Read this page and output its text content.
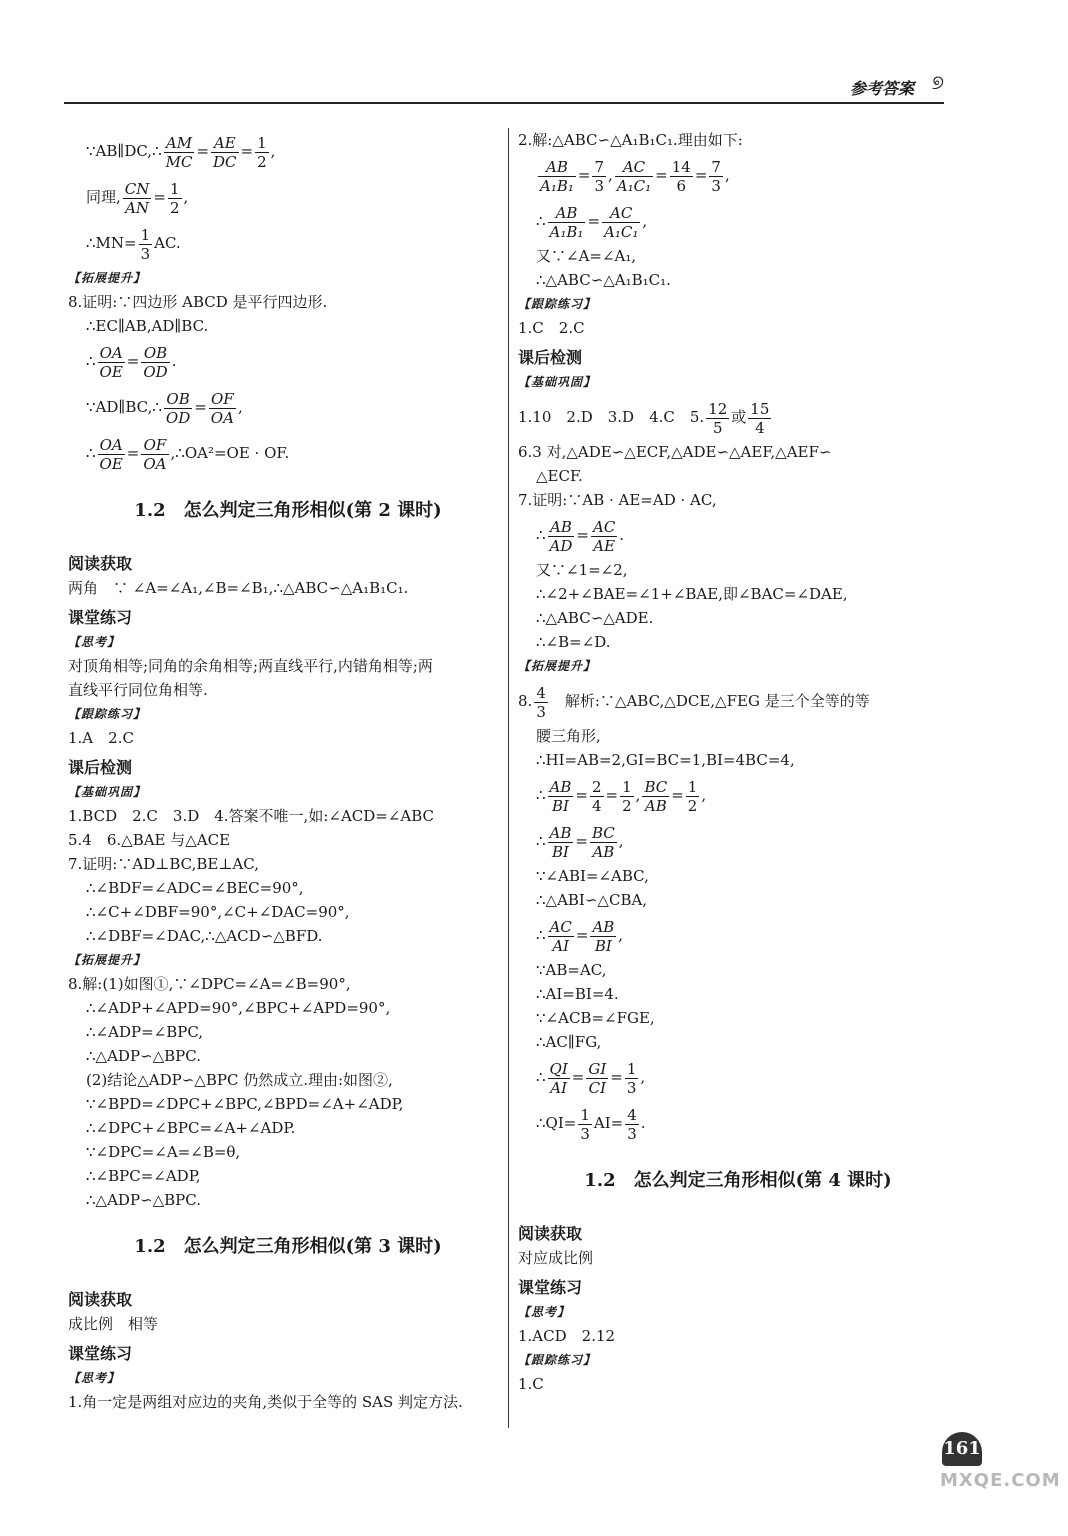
参考答案 ୭
∵AB∥DC,∴ $\frac{AM}{MC} = \frac{AE}{DC} = \frac{1}{2}$ ,
同理, $\frac{CN}{AN} = \frac{1}{2}$ ,
∴MN= $\frac{1}{3}$ AC.
【拓展提升】
8.证明:∵四边形 ABCD 是平行四边形.
∴EC∥AB,AD∥BC.
∴ $\frac{OA}{OE} = \frac{OB}{OD}$ .
∵AD∥BC,∴ $\frac{OB}{OD} = \frac{OF}{OA}$ ,
∴ $\frac{OA}{OE} = \frac{OF}{OA}$ ,∴OA²=OE · OF.
1.2　怎么判定三角形相似(第 2 课时)
阅读获取
两角　∵ ∠A=∠A₁,∠B=∠B₁,∴△ABC∽△A₁B₁C₁.
课堂练习
【思考】
对顶角相等;同角的余角相等;两直线平行,内错角相等;两
直线平行同位角相等.
【跟踪练习】
1.A　2.C
课后检测
【基础巩固】
1.BCD　2.C　3.D　4.答案不唯一,如:∠ACD=∠ABC
5.4　6.△BAE 与△ACE
7.证明:∵AD⊥BC,BE⊥AC,
∴∠BDF=∠ADC=∠BEC=90°,
∴∠C+∠DBF=90°,∠C+∠DAC=90°,
∴∠DBF=∠DAC,∴△ACD∽△BFD.
【拓展提升】
8.解:(1)如图①,∵∠DPC=∠A=∠B=90°,
∴∠ADP+∠APD=90°,∠BPC+∠APD=90°,
∴∠ADP=∠BPC,
∴△ADP∽△BPC.
(2)结论△ADP∽△BPC 仍然成立.理由:如图②,
∵∠BPD=∠DPC+∠BPC,∠BPD=∠A+∠ADP,
∴∠DPC+∠BPC=∠A+∠ADP.
∵∠DPC=∠A=∠B=θ,
∴∠BPC=∠ADP,
∴△ADP∽△BPC.
1.2　怎么判定三角形相似(第 3 课时)
阅读获取
成比例　相等
课堂练习
【思考】
1.角一定是两组对应边的夹角,类似于全等的 SAS 判定方法.
2.解:△ABC∽△A₁B₁C₁.理由如下:
$\frac{AB}{\text{A₁B₁}} = \frac{7}{3}$ , $\frac{AC}{\text{A₁C₁}} = \frac{14}{6} = \frac{7}{3}$ ,
∴ $\frac{AB}{\text{A₁B₁}} = \frac{AC}{\text{A₁C₁}}$ ,
又∵∠A=∠A₁,
∴△ABC∽△A₁B₁C₁.
【跟踪练习】
1.C　2.C
课后检测
【基础巩固】
1.10　2.D　3.D　4.C　5. $\frac{12}{5}$ 或 $\frac{15}{4}$
6.3 对,△ADE∽△ECF,△ADE∽△AEF,△AEF∽
△ECF.
7.证明:∵AB · AE=AD · AC,
∴ $\frac{AB}{AD} = \frac{AC}{AE}$ .
又∵∠1=∠2,
∴∠2+∠BAE=∠1+∠BAE,即∠BAC=∠DAE,
∴△ABC∽△ADE.
∴∠B=∠D.
【拓展提升】
8. $\frac{4}{3}$ 　解析:∵△ABC,△DCE,△FEG 是三个全等的等
腰三角形,
∴HI=AB=2,GI=BC=1,BI=4BC=4,
∴ $\frac{AB}{BI} = \frac{2}{4} = \frac{1}{2}$ , $\frac{BC}{AB} = \frac{1}{2}$ ,
∴ $\frac{AB}{BI} = \frac{BC}{AB}$ ,
∵∠ABI=∠ABC,
∴△ABI∽△CBA,
∴ $\frac{AC}{AI} = \frac{AB}{BI}$ ,
∵AB=AC,
∴AI=BI=4.
∵∠ACB=∠FGE,
∴AC∥FG,
∴ $\frac{QI}{AI} = \frac{GI}{CI} = \frac{1}{3}$ ,
∴QI= $\frac{1}{3} AI= \frac{4}{3}$ .
1.2　怎么判定三角形相似(第 4 课时)
阅读获取
对应成比例
课堂练习
【思考】
1.ACD　2.12
【跟踪练习】
1.C
161
MXQE.COM
